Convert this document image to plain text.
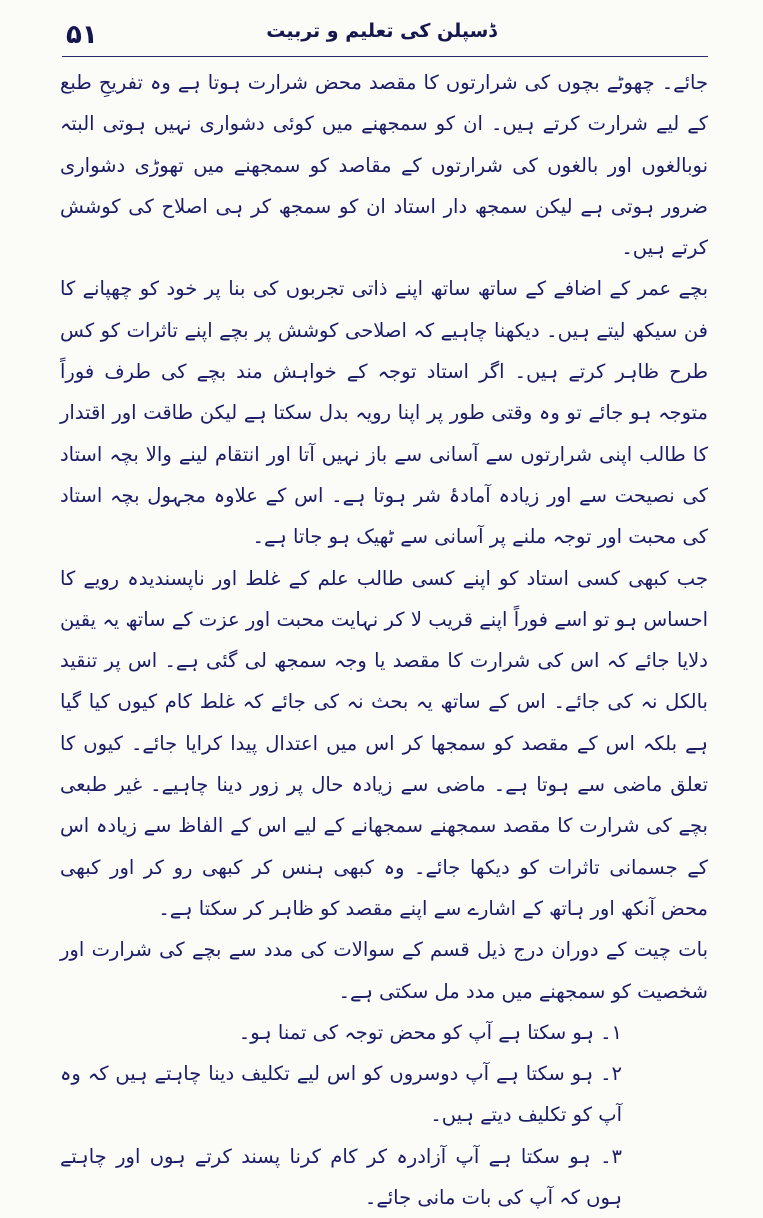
۵۱	ڈسپلن کی تعلیم و تربیت

جائے۔ چھوٹے بچوں کی شرارتوں کا مقصد محض شرارت ہوتا ہے وہ تفریحِ طبع کے لیے شرارت کرتے ہیں۔ ان کو سمجھنے میں کوئی دشواری نہیں ہوتی البتہ نوبالغوں اور بالغوں کی شرارتوں کے مقاصد کو سمجھنے میں تھوڑی دشواری ضرور ہوتی ہے لیکن سمجھ دار استاد ان کو سمجھ کر ہی اصلاح کی کوشش کرتے ہیں۔

بچے عمر کے اضافے کے ساتھ ساتھ اپنے ذاتی تجربوں کی بنا پر خود کو چھپانے کا فن سیکھ لیتے ہیں۔ دیکھنا چاہیے کہ اصلاحی کوشش پر بچے اپنے تاثرات کو کس طرح ظاہر کرتے ہیں۔ اگر استاد توجہ کے خواہش مند بچے کی طرف فوراً متوجہ ہو جائے تو وہ وقتی طور پر اپنا رویہ بدل سکتا ہے لیکن طاقت اور اقتدار کا طالب اپنی شرارتوں سے آسانی سے باز نہیں آتا اور انتقام لینے والا بچہ استاد کی نصیحت سے اور زیادہ آمادۂ شر ہوتا ہے۔ اس کے علاوہ مجہول بچہ استاد کی محبت اور توجہ ملنے پر آسانی سے ٹھیک ہو جاتا ہے۔

جب کبھی کسی استاد کو اپنے کسی طالب علم کے غلط اور ناپسندیدہ رویے کا احساس ہو تو اسے فوراً اپنے قریب لا کر نہایت محبت اور عزت کے ساتھ یہ یقین دلایا جائے کہ اس کی شرارت کا مقصد یا وجہ سمجھ لی گئی ہے۔ اس پر تنقید بالکل نہ کی جائے۔ اس کے ساتھ یہ بحث نہ کی جائے کہ غلط کام کیوں کیا گیا ہے بلکہ اس کے مقصد کو سمجھا کر اس میں اعتدال پیدا کرایا جائے۔ کیوں کا تعلق ماضی سے ہوتا ہے۔ ماضی سے زیادہ حال پر زور دینا چاہیے۔ غیر طبعی بچے کی شرارت کا مقصد سمجھنے سمجھانے کے لیے اس کے الفاظ سے زیادہ اس کے جسمانی تاثرات کو دیکھا جائے۔ وہ کبھی ہنس کر کبھی رو کر اور کبھی محض آنکھ اور ہاتھ کے اشارے سے اپنے مقصد کو ظاہر کر سکتا ہے۔

بات چیت کے دوران درج ذیل قسم کے سوالات کی مدد سے بچے کی شرارت اور شخصیت کو سمجھنے میں مدد مل سکتی ہے۔

۱۔ ہو سکتا ہے آپ کو محض توجہ کی تمنا ہو۔

۲۔ ہو سکتا ہے آپ دوسروں کو اس لیے تکلیف دینا چاہتے ہیں کہ وہ آپ کو تکلیف دیتے ہیں۔

۳۔ ہو سکتا ہے آپ آزادرہ کر کام کرنا پسند کرتے ہوں اور چاہتے ہوں کہ آپ کی بات مانی جائے۔
